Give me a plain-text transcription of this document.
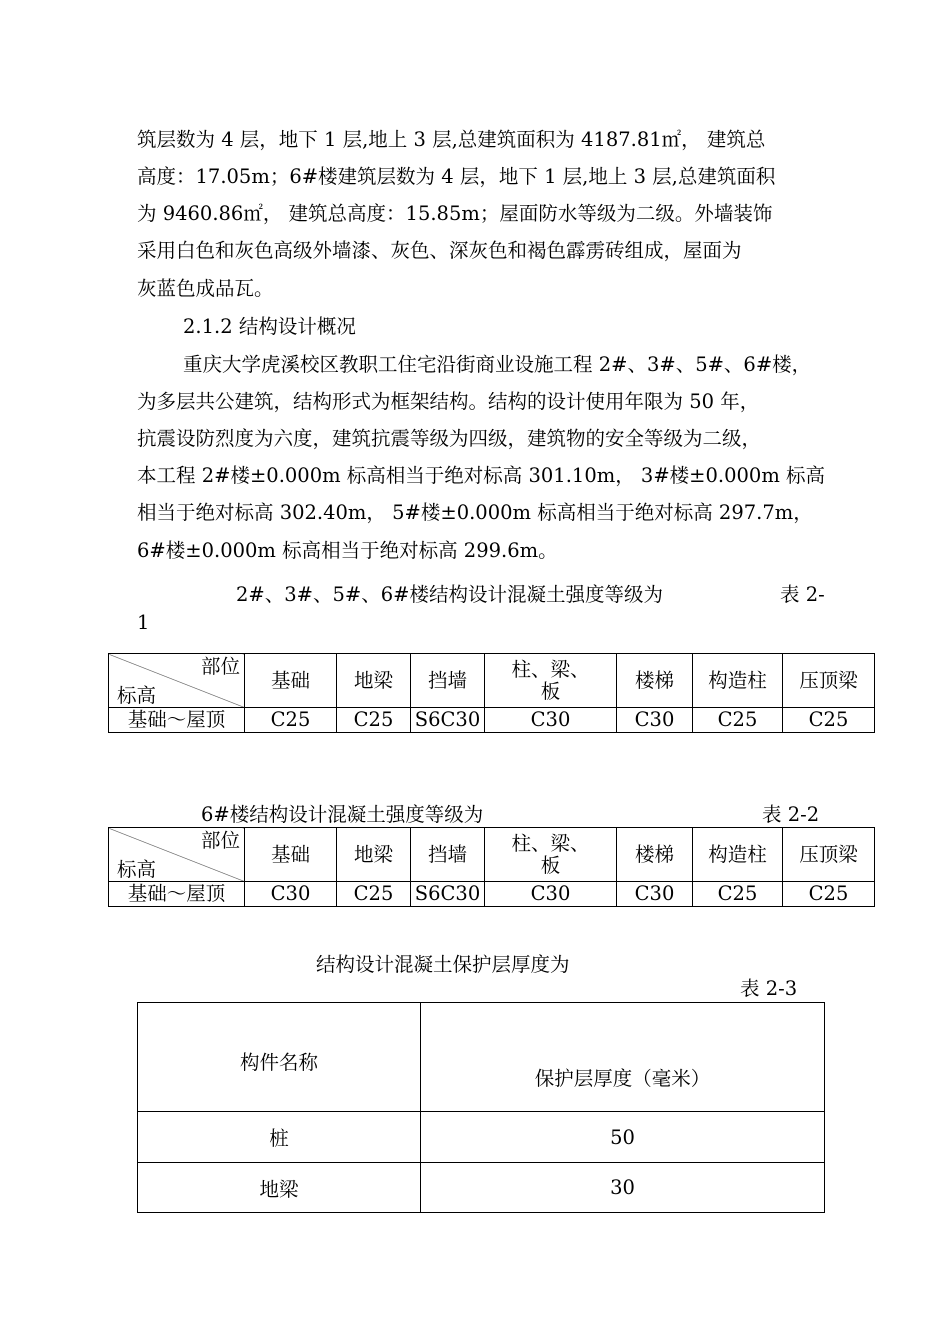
筑层数为 4 层，地下 1 层,地上 3 层,总建筑面积为 4187.81㎡， 建筑总
高度：17.05m；6#楼建筑层数为 4 层，地下 1 层,地上 3 层,总建筑面积
为 9460.86㎡， 建筑总高度：15.85m；屋面防水等级为二级。外墙装饰
采用白色和灰色高级外墙漆、灰色、深灰色和褐色霹雳砖组成，屋面为
灰蓝色成品瓦。
2.1.2 结构设计概况
重庆大学虎溪校区教职工住宅沿街商业设施工程 2#、3#、5#、6#楼，
为多层共公建筑，结构形式为框架结构。结构的设计使用年限为 50 年，
抗震设防烈度为六度，建筑抗震等级为四级，建筑物的安全等级为二级，
本工程 2#楼±0.000m 标高相当于绝对标高 301.10m， 3#楼±0.000m 标高
相当于绝对标高 302.40m， 5#楼±0.000m 标高相当于绝对标高 297.7m，
6#楼±0.000m 标高相当于绝对标高 299.6m。
2#、3#、5#、6#楼结构设计混凝土强度等级为	表 2-
1
部位
标高	基础	地梁	挡墙	柱、梁、板	楼梯	构造柱	压顶梁
基础～屋顶	C25	C25	S6C30	C30	C30	C25	C25
6#楼结构设计混凝土强度等级为	表 2-2
部位
标高	基础	地梁	挡墙	柱、梁、板	楼梯	构造柱	压顶梁
基础～屋顶	C30	C25	S6C30	C30	C30	C25	C25
结构设计混凝土保护层厚度为
表 2-3
构件名称	保护层厚度（毫米）
桩	50
地梁	30
